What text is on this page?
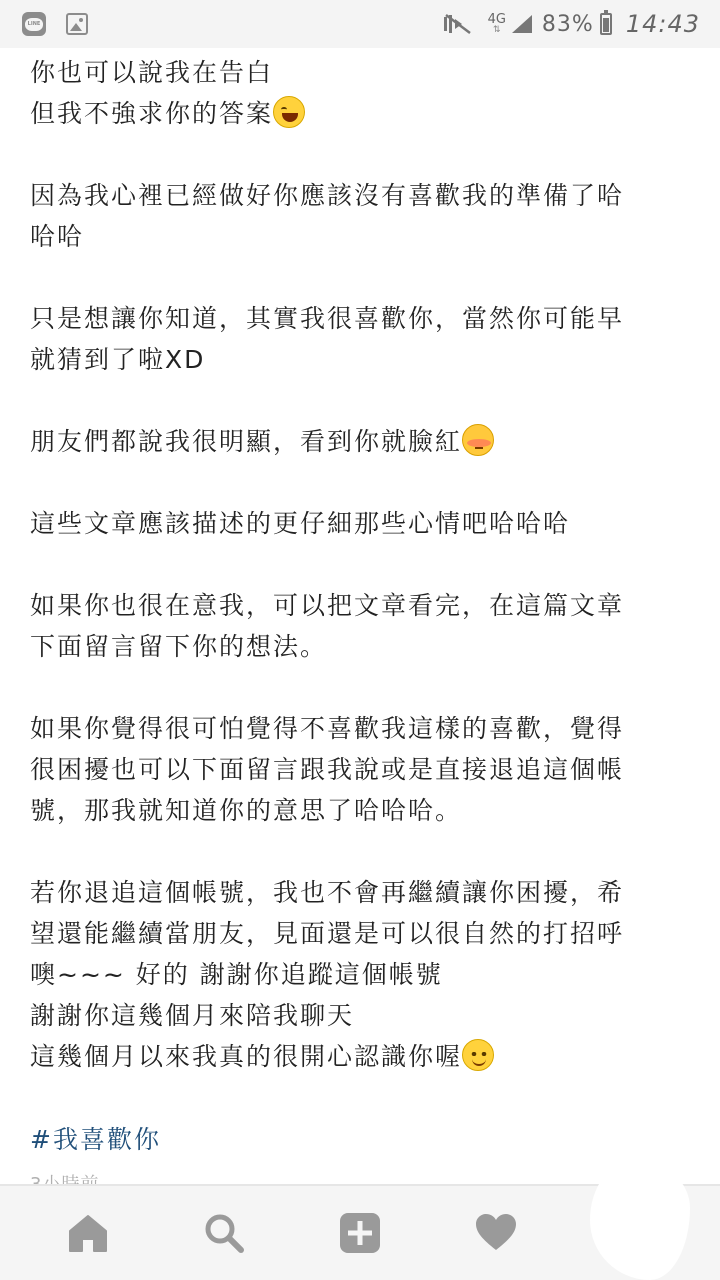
LINE	4G
⇅ 83% 14:43
你也可以說我在告白
但我不強求你的答案
因為我心裡已經做好你應該沒有喜歡我的準備了哈
哈哈
只是想讓你知道，其實我很喜歡你，當然你可能早
就猜到了啦XD
朋友們都說我很明顯，看到你就臉紅
這些文章應該描述的更仔細那些心情吧哈哈哈
如果你也很在意我，可以把文章看完，在這篇文章
下面留言留下你的想法。
如果你覺得很可怕覺得不喜歡我這樣的喜歡，覺得
很困擾也可以下面留言跟我說或是直接退追這個帳
號，那我就知道你的意思了哈哈哈。
若你退追這個帳號，我也不會再繼續讓你困擾，希
望還能繼續當朋友，見面還是可以很自然的打招呼
噢~~~ 好的 謝謝你追蹤這個帳號
謝謝你這幾個月來陪我聊天
這幾個月以來我真的很開心認識你喔
#我喜歡你
